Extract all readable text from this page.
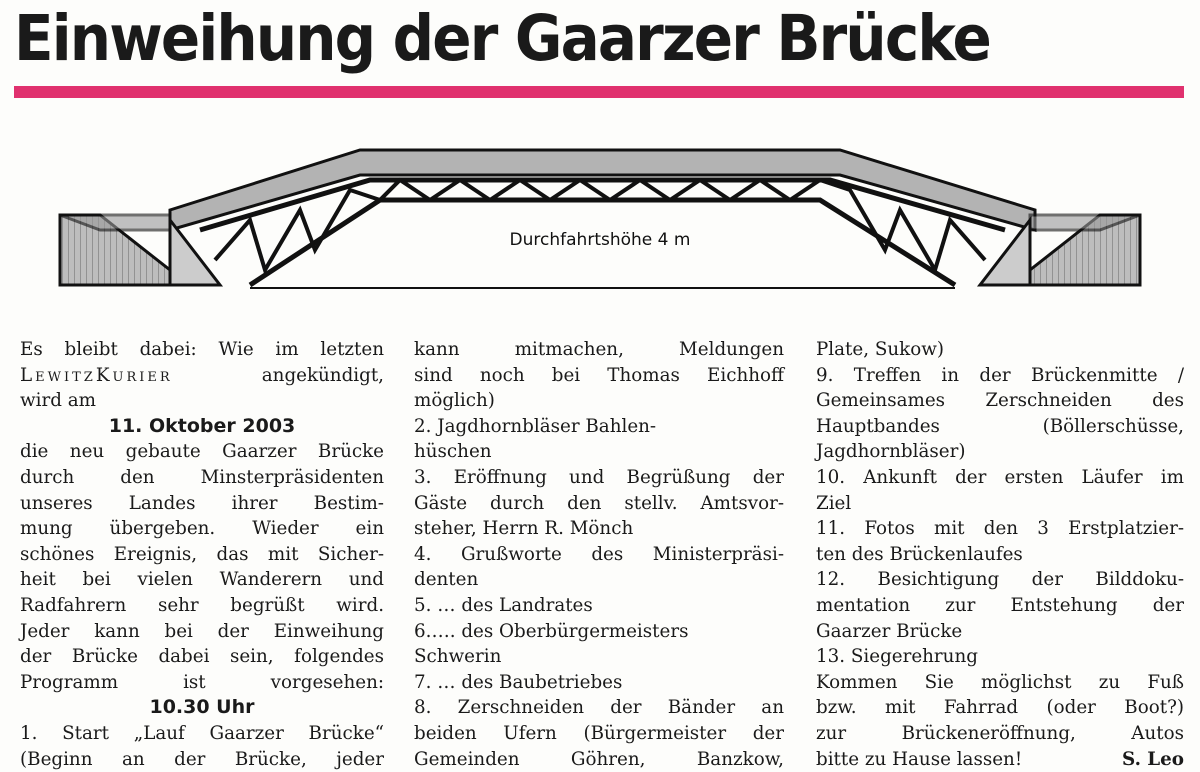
Einweihung der Gaarzer Brücke
Durchfahrtshöhe 4 m
Es bleibt dabei: Wie im letzten
LewitzKurier	angekündigt,
wird am
11. Oktober 2003
die neu gebaute Gaarzer Brücke
durch den Minsterpräsidenten
unseres Landes ihrer Bestim-
mung übergeben. Wieder ein
schönes Ereignis, das mit Sicher-
heit bei vielen Wanderern und
Radfahrern sehr begrüßt wird.
Jeder kann bei der Einweihung
der Brücke dabei sein, folgendes
Programm ist vorgesehen:
10.30 Uhr
1. Start „Lauf Gaarzer Brücke“
(Beginn an der Brücke, jeder
kann mitmachen, Meldungen
sind noch bei Thomas Eichhoff
möglich)
2. Jagdhornbläser Bahlen-
hüschen
3. Eröffnung und Begrüßung der
Gäste durch den stellv. Amtsvor-
steher, Herrn R. Mönch
4. Grußworte des Ministerpräsi-
denten
5. … des Landrates
6.…. des Oberbürgermeisters
Schwerin
7. … des Baubetriebes
8. Zerschneiden der Bänder an
beiden Ufern (Bürgermeister der
Gemeinden Göhren, Banzkow,
Plate, Sukow)
9. Treffen in der Brückenmitte /
Gemeinsames Zerschneiden des
Hauptbandes (Böllerschüsse,
Jagdhornbläser)
10. Ankunft der ersten Läufer im
Ziel
11. Fotos mit den 3 Erstplatzier-
ten des Brückenlaufes
12. Besichtigung der Bilddoku-
mentation zur Entstehung der
Gaarzer Brücke
13. Siegerehrung
Kommen Sie möglichst zu Fuß
bzw. mit Fahrrad (oder Boot?)
zur Brückeneröffnung, Autos
bitte zu Hause lassen!	S. Leo
